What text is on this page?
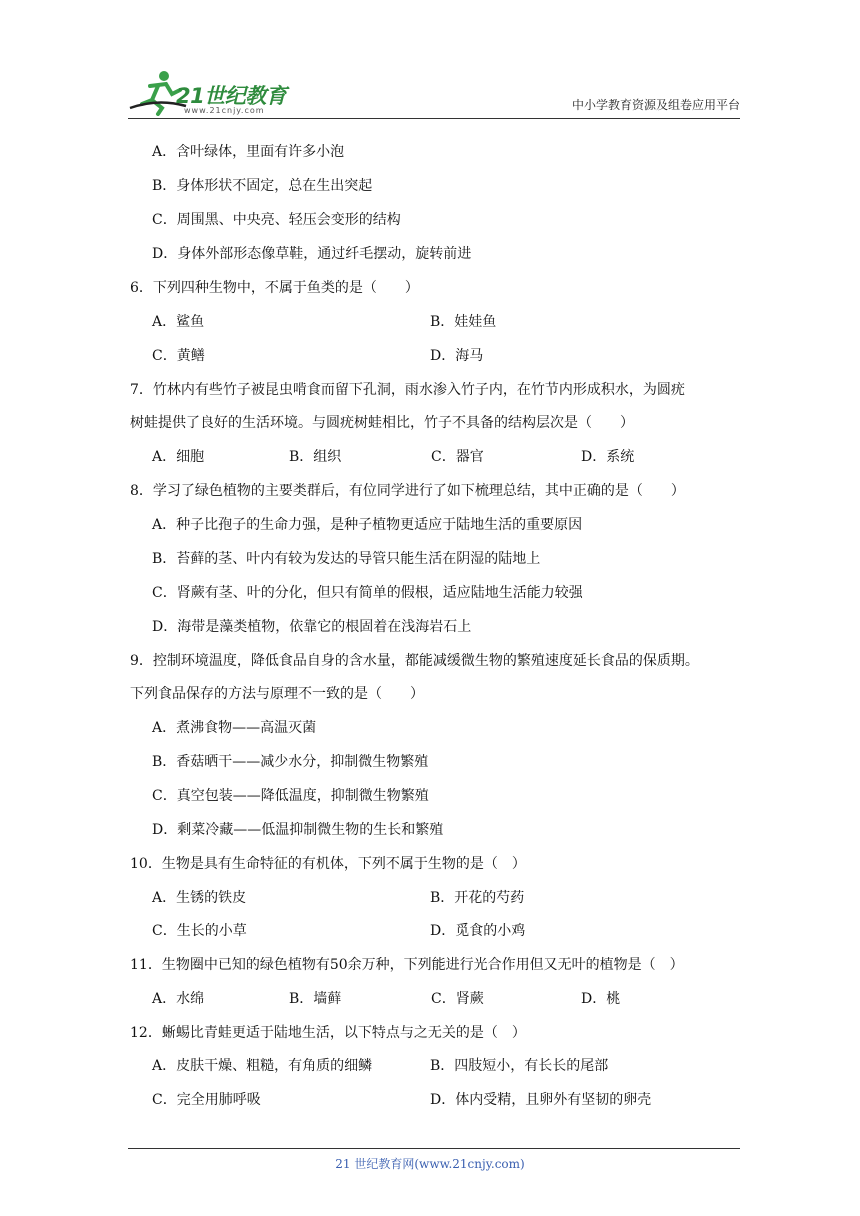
21世纪教育
www.21cnjy.com	中小学教育资源及组卷应用平台
A．含叶绿体，里面有许多小泡
B．身体形状不固定，总在生出突起
C．周围黑、中央亮、轻压会变形的结构
D．身体外部形态像草鞋，通过纤毛摆动，旋转前进
6．下列四种生物中，不属于鱼类的是（　　）
A．鲨鱼	B．娃娃鱼
C．黄鳝	D．海马
7．竹林内有些竹子被昆虫啃食而留下孔洞，雨水渗入竹子内，在竹节内形成积水，为圆疣
树蛙提供了良好的生活环境。与圆疣树蛙相比，竹子不具备的结构层次是（　　）
A．细胞	B．组织	C．器官	D．系统
8．学习了绿色植物的主要类群后，有位同学进行了如下梳理总结，其中正确的是（　　）
A．种子比孢子的生命力强，是种子植物更适应于陆地生活的重要原因
B．苔藓的茎、叶内有较为发达的导管只能生活在阴湿的陆地上
C．肾蕨有茎、叶的分化，但只有简单的假根，适应陆地生活能力较强
D．海带是藻类植物，依靠它的根固着在浅海岩石上
9．控制环境温度，降低食品自身的含水量，都能减缓微生物的繁殖速度延长食品的保质期。
下列食品保存的方法与原理不一致的是（　　）
A．煮沸食物——高温灭菌
B．香菇晒干——减少水分，抑制微生物繁殖
C．真空包装——降低温度，抑制微生物繁殖
D．剩菜冷藏——低温抑制微生物的生长和繁殖
10．生物是具有生命特征的有机体，下列不属于生物的是（　）
A．生锈的铁皮	B．开花的芍药
C．生长的小草	D．觅食的小鸡
11．生物圈中已知的绿色植物有50余万种，下列能进行光合作用但又无叶的植物是（　）
A．水绵	B．墙藓	C．肾蕨	D．桃
12．蜥蜴比青蛙更适于陆地生活，以下特点与之无关的是（　）
A．皮肤干燥、粗糙，有角质的细鳞	B．四肢短小，有长长的尾部
C．完全用肺呼吸	D．体内受精，且卵外有坚韧的卵壳
21 世纪教育网(www.21cnjy.com)
